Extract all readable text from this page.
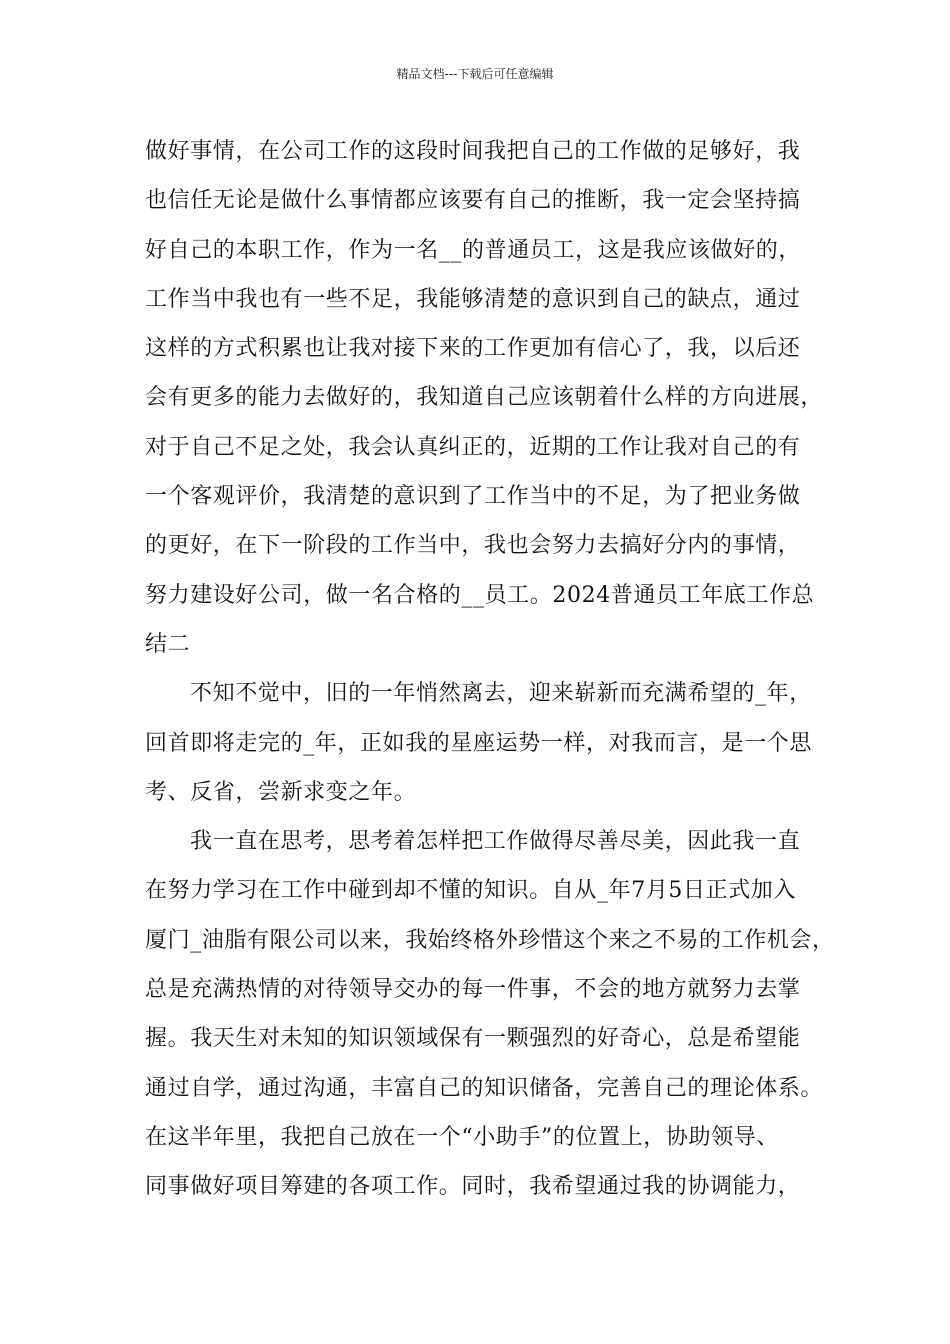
精品文档---下载后可任意编辑
做好事情，在公司工作的这段时间我把自己的工作做的足够好，我
也信任无论是做什么事情都应该要有自己的推断，我一定会坚持搞
好自己的本职工作，作为一名__的普通员工，这是我应该做好的，
工作当中我也有一些不足，我能够清楚的意识到自己的缺点，通过
这样的方式积累也让我对接下来的工作更加有信心了，我，以后还
会有更多的能力去做好的，我知道自己应该朝着什么样的方向进展，
对于自己不足之处，我会认真纠正的，近期的工作让我对自己的有
一个客观评价，我清楚的意识到了工作当中的不足，为了把业务做
的更好，在下一阶段的工作当中，我也会努力去搞好分内的事情，
努力建设好公司，做一名合格的__员工。2024普通员工年底工作总
结二
不知不觉中，旧的一年悄然离去，迎来崭新而充满希望的_年，
回首即将走完的_年，正如我的星座运势一样，对我而言，是一个思
考、反省，尝新求变之年。
我一直在思考，思考着怎样把工作做得尽善尽美，因此我一直
在努力学习在工作中碰到却不懂的知识。自从_年7月5日正式加入
厦门_油脂有限公司以来，我始终格外珍惜这个来之不易的工作机会，
总是充满热情的对待领导交办的每一件事，不会的地方就努力去掌
握。我天生对未知的知识领域保有一颗强烈的好奇心，总是希望能
通过自学，通过沟通，丰富自己的知识储备，完善自己的理论体系。
在这半年里，我把自己放在一个“小助手”的位置上，协助领导、
同事做好项目筹建的各项工作。同时，我希望通过我的协调能力，
